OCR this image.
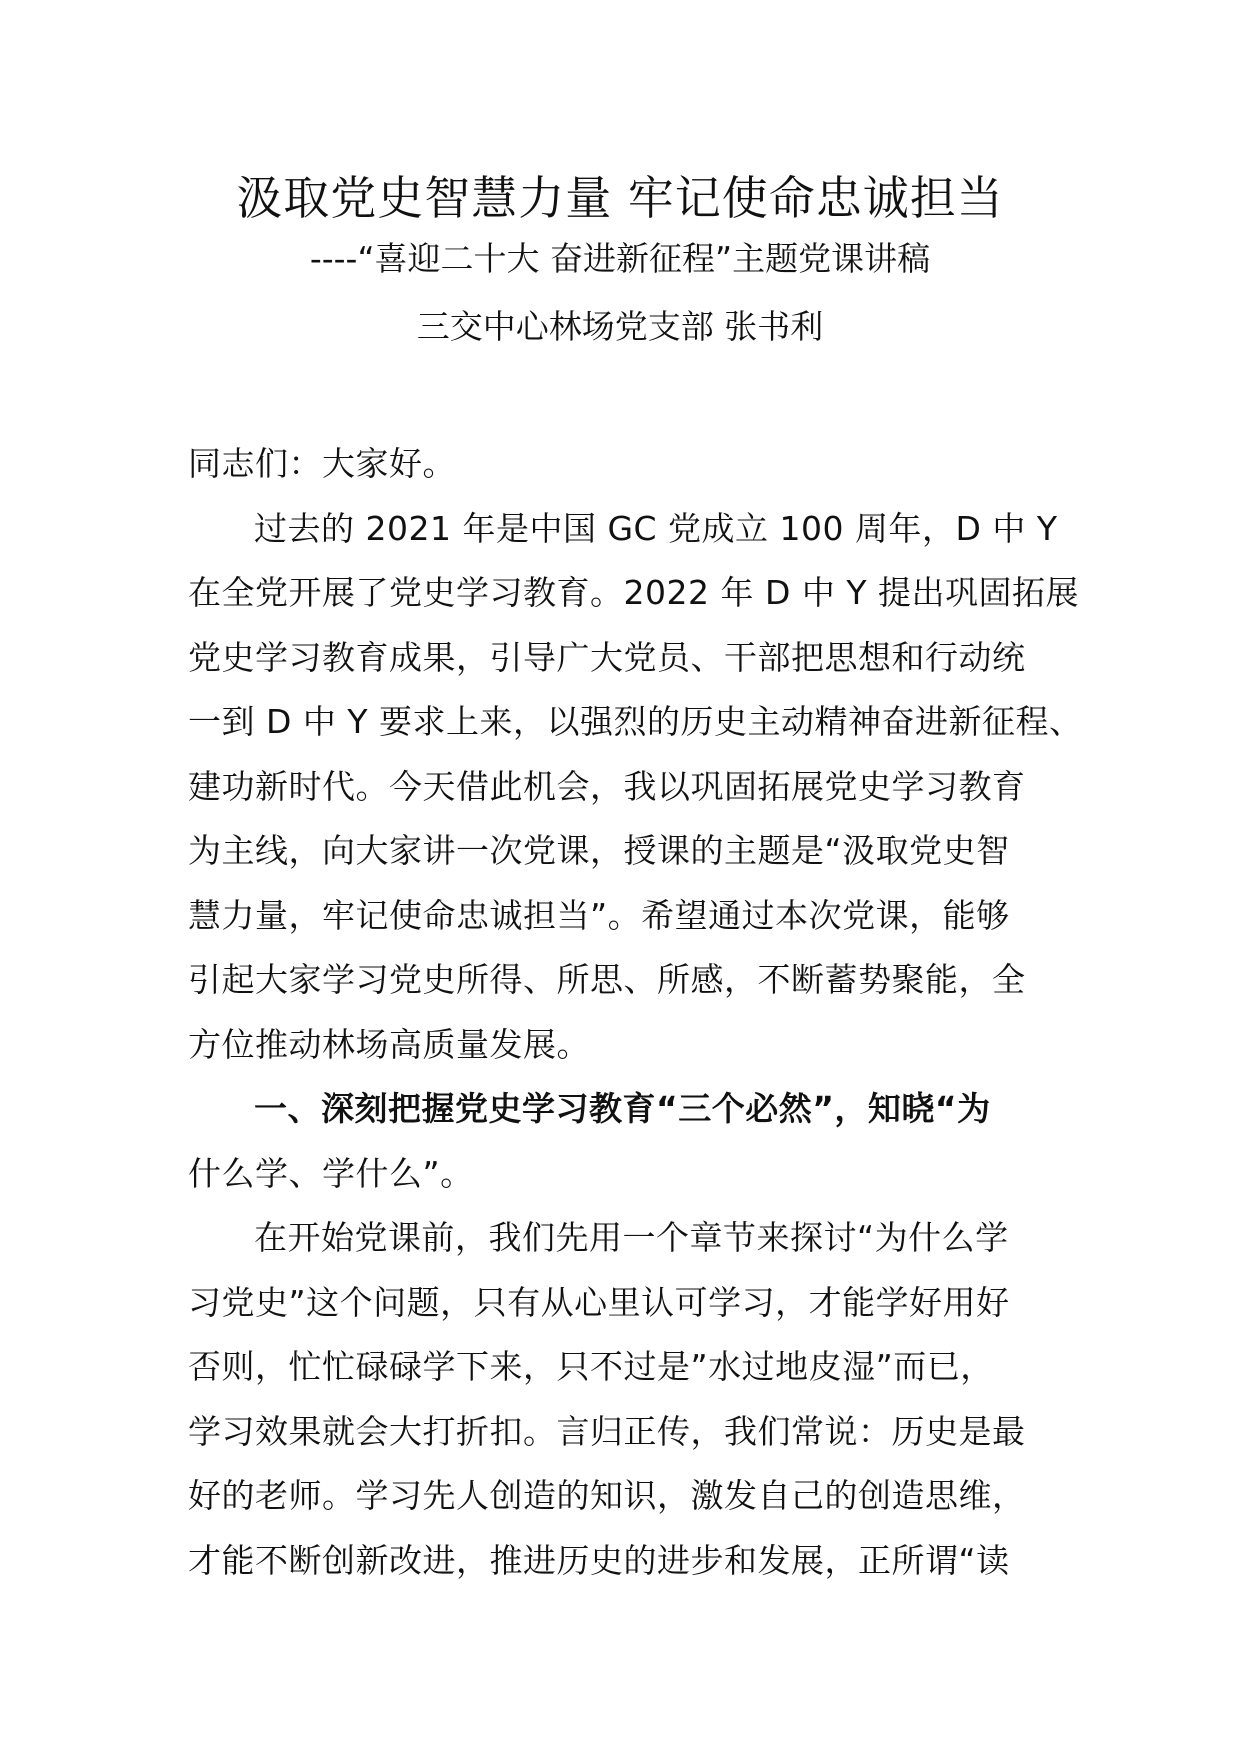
汲取党史智慧力量 牢记使命忠诚担当
----“喜迎二十大 奋进新征程”主题党课讲稿
三交中心林场党支部 张书利
同志们：大家好。
过去的 2021 年是中国 GC 党成立 100 周年，D 中 Y
在全党开展了党史学习教育。2022 年 D 中 Y 提出巩固拓展
党史学习教育成果，引导广大党员、干部把思想和行动统
一到 D 中 Y 要求上来，以强烈的历史主动精神奋进新征程、
建功新时代。今天借此机会，我以巩固拓展党史学习教育
为主线，向大家讲一次党课，授课的主题是“汲取党史智
慧力量，牢记使命忠诚担当”。希望通过本次党课，能够
引起大家学习党史所得、所思、所感，不断蓄势聚能，全
方位推动林场高质量发展。
一、深刻把握党史学习教育“三个必然”，知晓“为
什么学、学什么”。
在开始党课前，我们先用一个章节来探讨“为什么学
习党史”这个问题，只有从心里认可学习，才能学好用好
否则，忙忙碌碌学下来，只不过是”水过地皮湿”而已，
学习效果就会大打折扣。言归正传，我们常说：历史是最
好的老师。学习先人创造的知识，激发自己的创造思维，
才能不断创新改进，推进历史的进步和发展，正所谓“读
